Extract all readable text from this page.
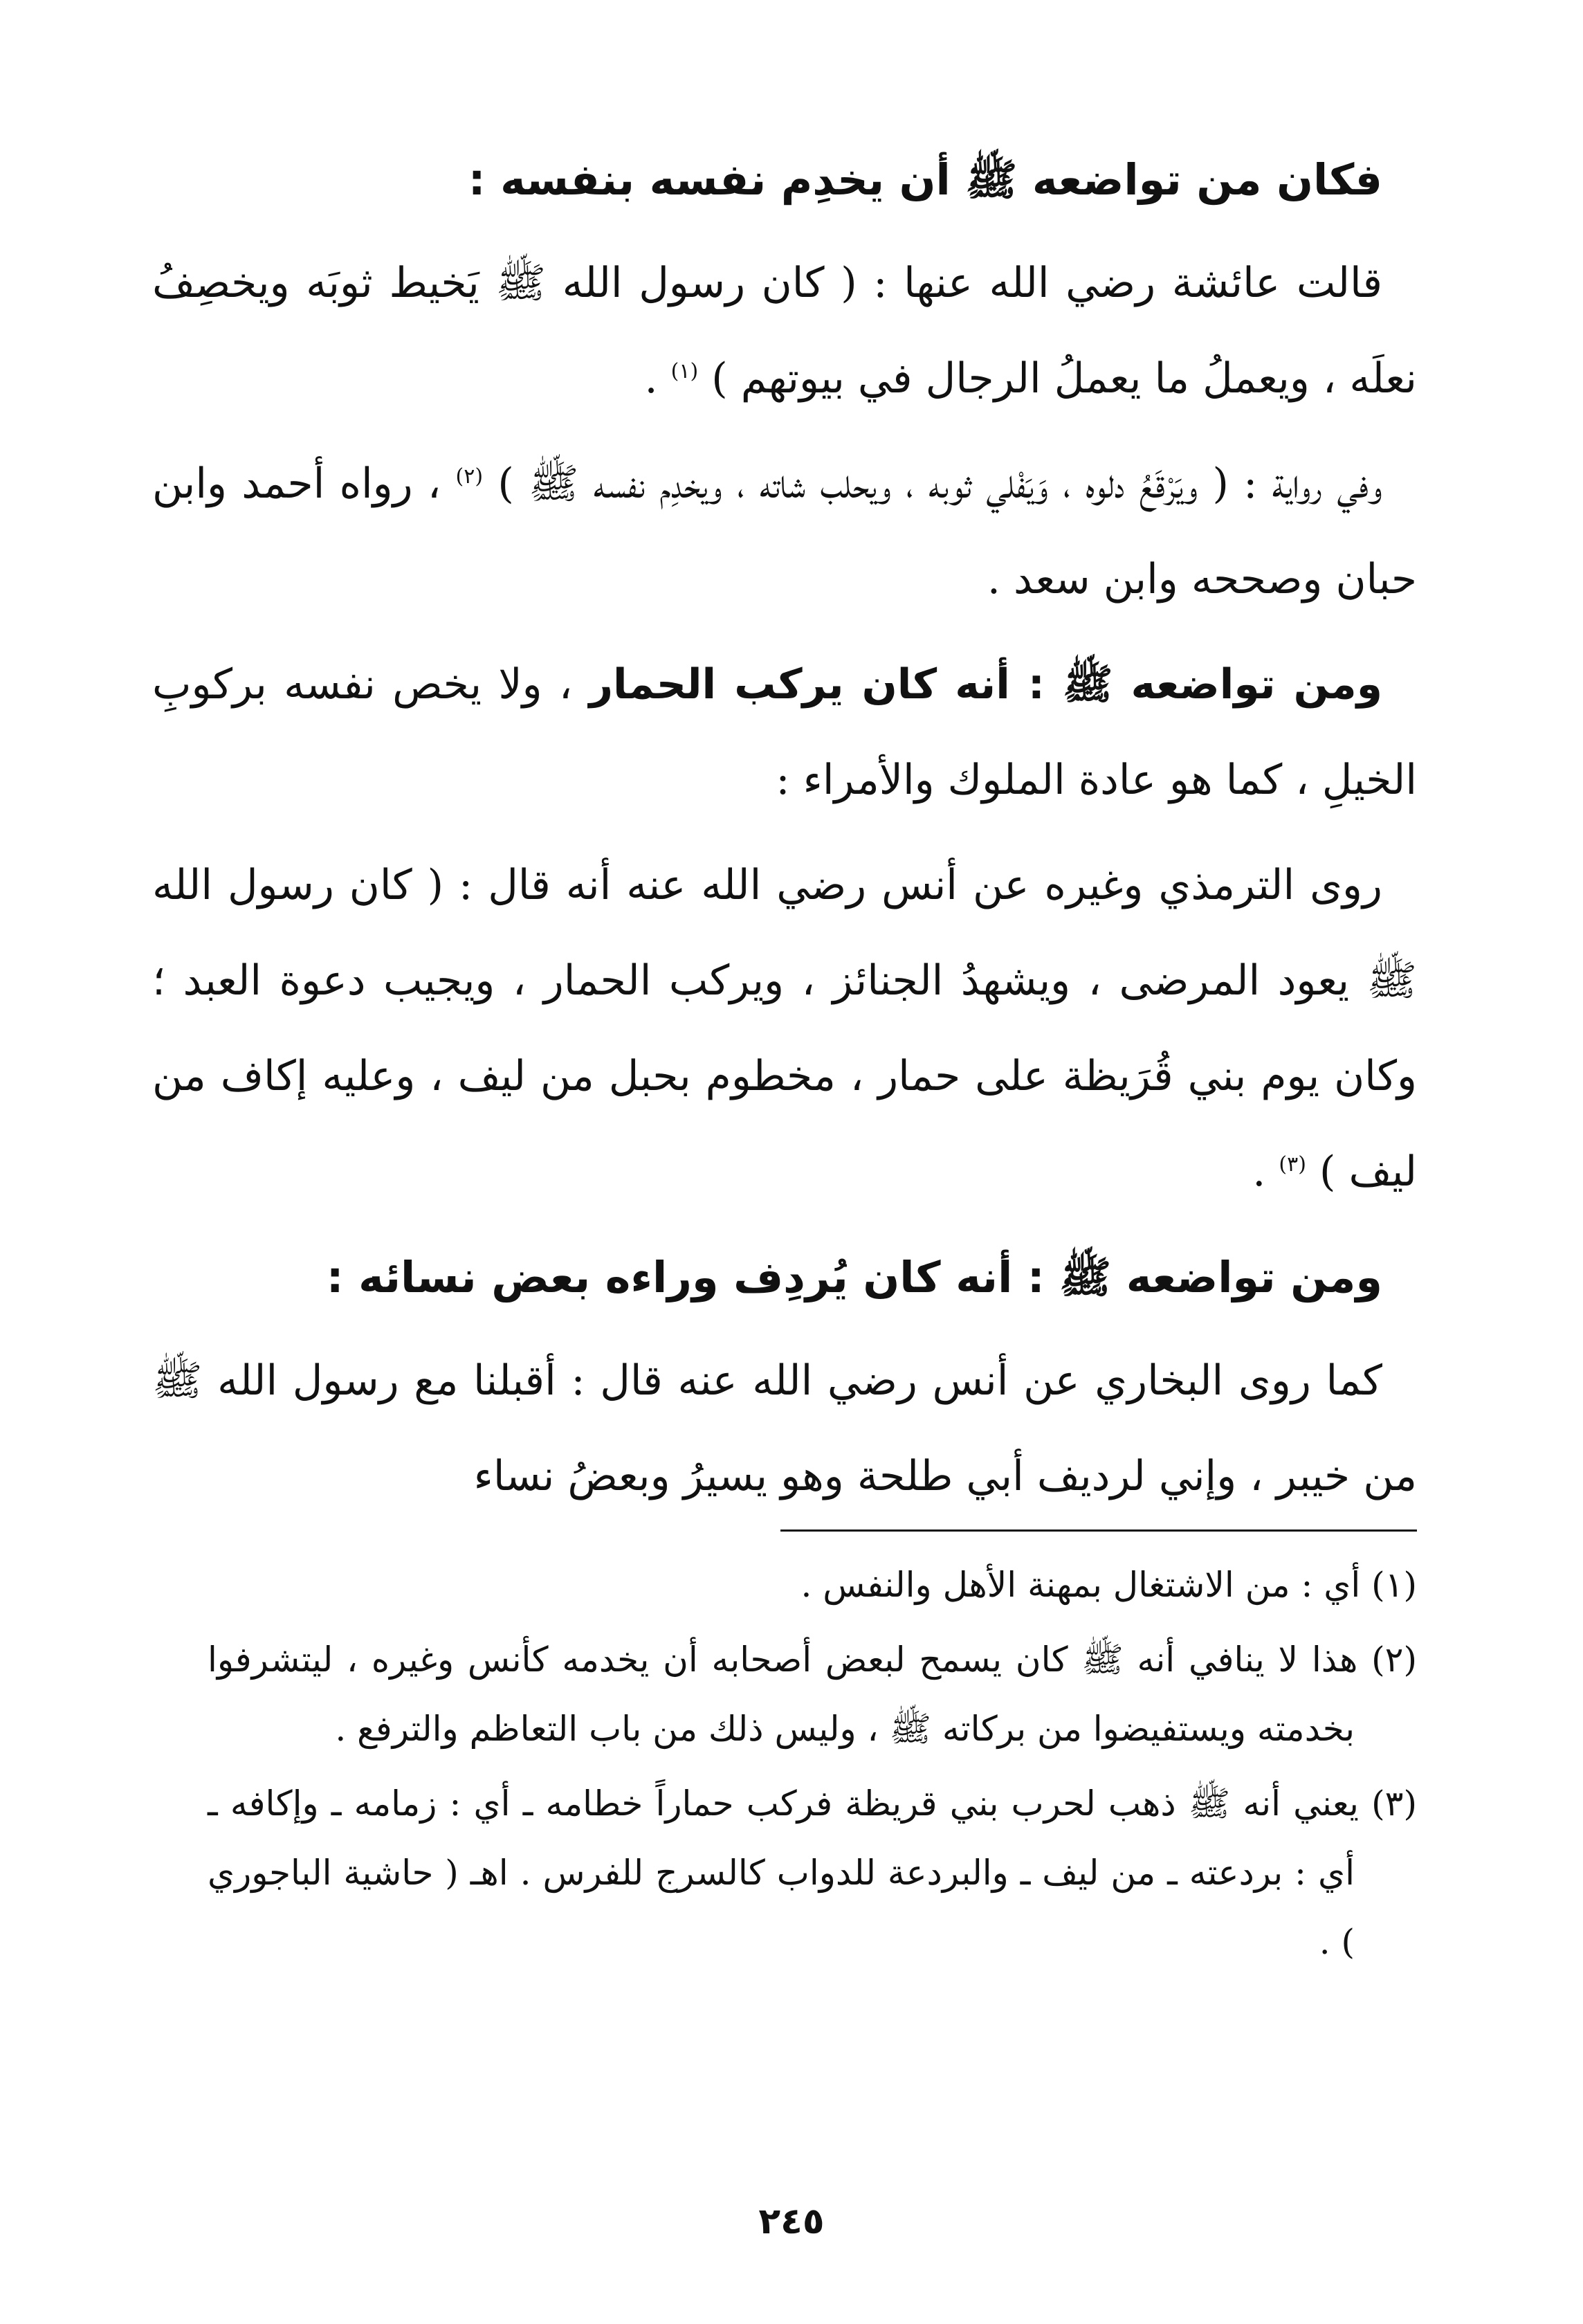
فكان من تواضعه ﷺ أن يخدِم نفسه بنفسه :

قالت عائشة رضي الله عنها : ( كان رسول الله ﷺ يَخيط ثوبَه ويخصِفُ نعلَه ، ويعملُ ما يعملُ الرجال في بيوتهم ) $^{(١)}$ .

وفي رواية : ( ويَرْقَعُ دلوه ، وَيَفْلي ثوبه ، ويحلب شاته ، ويخدِم نفسه ﷺ ) $^{(٢)}$ ، رواه أحمد وابن حبان وصححه وابن سعد .

ومن تواضعه ﷺ : أنه كان يركب الحمار ، ولا يخص نفسه بركوبِ الخيلِ ، كما هو عادة الملوك والأمراء :

روى الترمذي وغيره عن أنس رضي الله عنه أنه قال : ( كان رسول الله ﷺ يعود المرضى ، ويشهدُ الجنائز ، ويركب الحمار ، ويجيب دعوة العبد ؛ وكان يوم بني قُرَيظة على حمار ، مخطوم بحبل من ليف ، وعليه إكاف من ليف ) $^{(٣)}$ .

ومن تواضعه ﷺ : أنه كان يُردِف وراءه بعض نسائه :

كما روى البخاري عن أنس رضي الله عنه قال : أقبلنا مع رسول الله ﷺ من خيبر ، وإني لرديف أبي طلحة وهو يسيرُ وبعضُ نساء

(١) أي : من الاشتغال بمهنة الأهل والنفس .

(٢) هذا لا ينافي أنه ﷺ كان يسمح لبعض أصحابه أن يخدمه كأنس وغيره ، ليتشرفوا بخدمته ويستفيضوا من بركاته ﷺ ، وليس ذلك من باب التعاظم والترفع .

(٣) يعني أنه ﷺ ذهب لحرب بني قريظة فركب حماراً خطامه ـ أي : زمامه ـ وإكافه ـ أي : بردعته ـ من ليف ـ والبردعة للدواب كالسرج للفرس . اهـ ( حاشية الباجوري ) .

٢٤٥
